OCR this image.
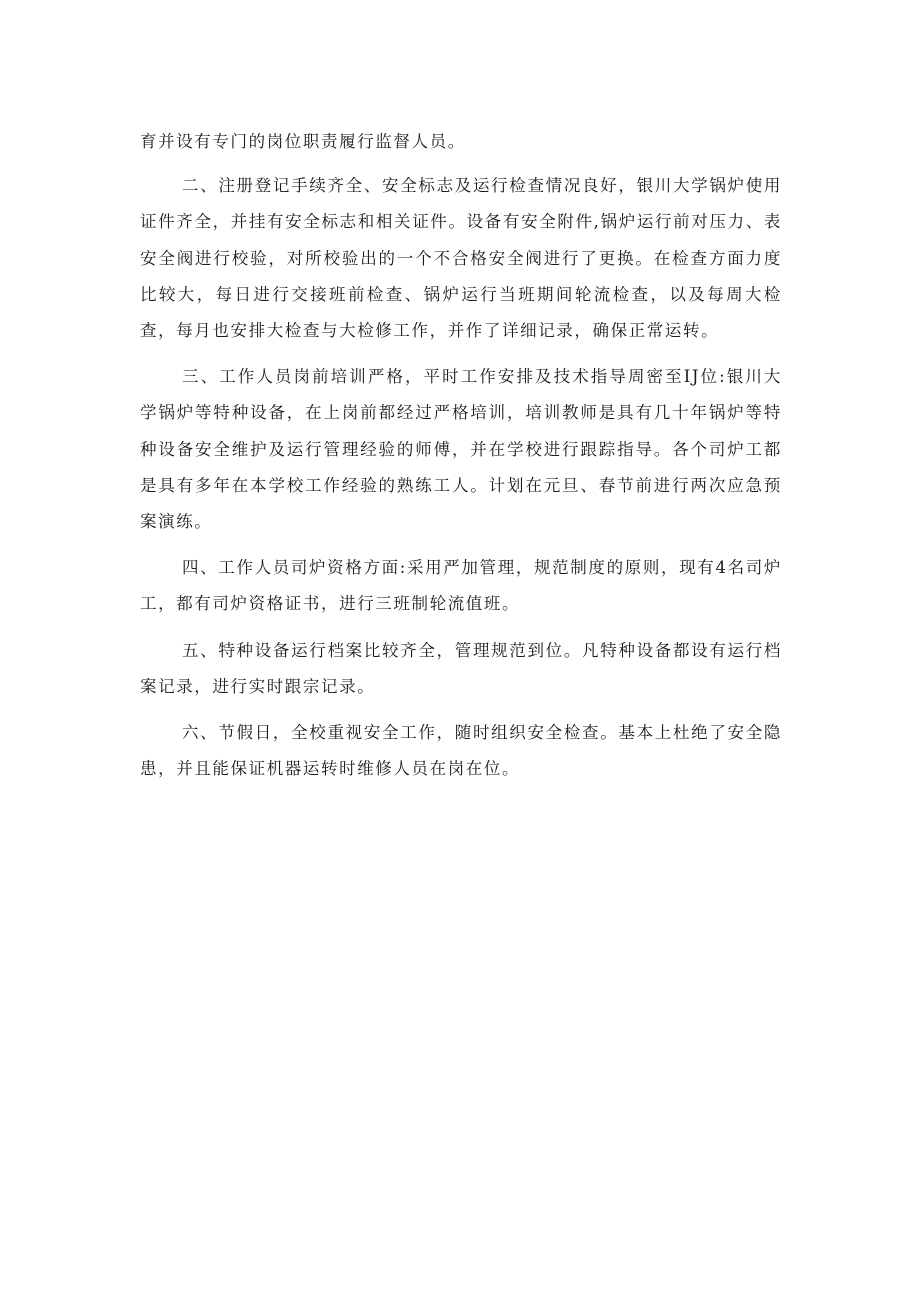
育并设有专门的岗位职责履行监督人员。

二、注册登记手续齐全、安全标志及运行检查情况良好，银川大学锅炉使用证件齐全，并挂有安全标志和相关证件。设备有安全附件,锅炉运行前对压力、表安全阀进行校验，对所校验出的一个不合格安全阀进行了更换。在检查方面力度比较大，每日进行交接班前检查、锅炉运行当班期间轮流检查，以及每周大检查，每月也安排大检查与大检修工作，并作了详细记录，确保正常运转。

三、工作人员岗前培训严格，平时工作安排及技术指导周密至IJ位:银川大学锅炉等特种设备，在上岗前都经过严格培训，培训教师是具有几十年锅炉等特种设备安全维护及运行管理经验的师傅，并在学校进行跟踪指导。各个司炉工都是具有多年在本学校工作经验的熟练工人。计划在元旦、春节前进行两次应急预案演练。

四、工作人员司炉资格方面:采用严加管理，规范制度的原则，现有4名司炉工，都有司炉资格证书，进行三班制轮流值班。

五、特种设备运行档案比较齐全，管理规范到位。凡特种设备都设有运行档案记录，进行实时跟宗记录。

六、节假日，全校重视安全工作，随时组织安全检查。基本上杜绝了安全隐患，并且能保证机器运转时维修人员在岗在位。
